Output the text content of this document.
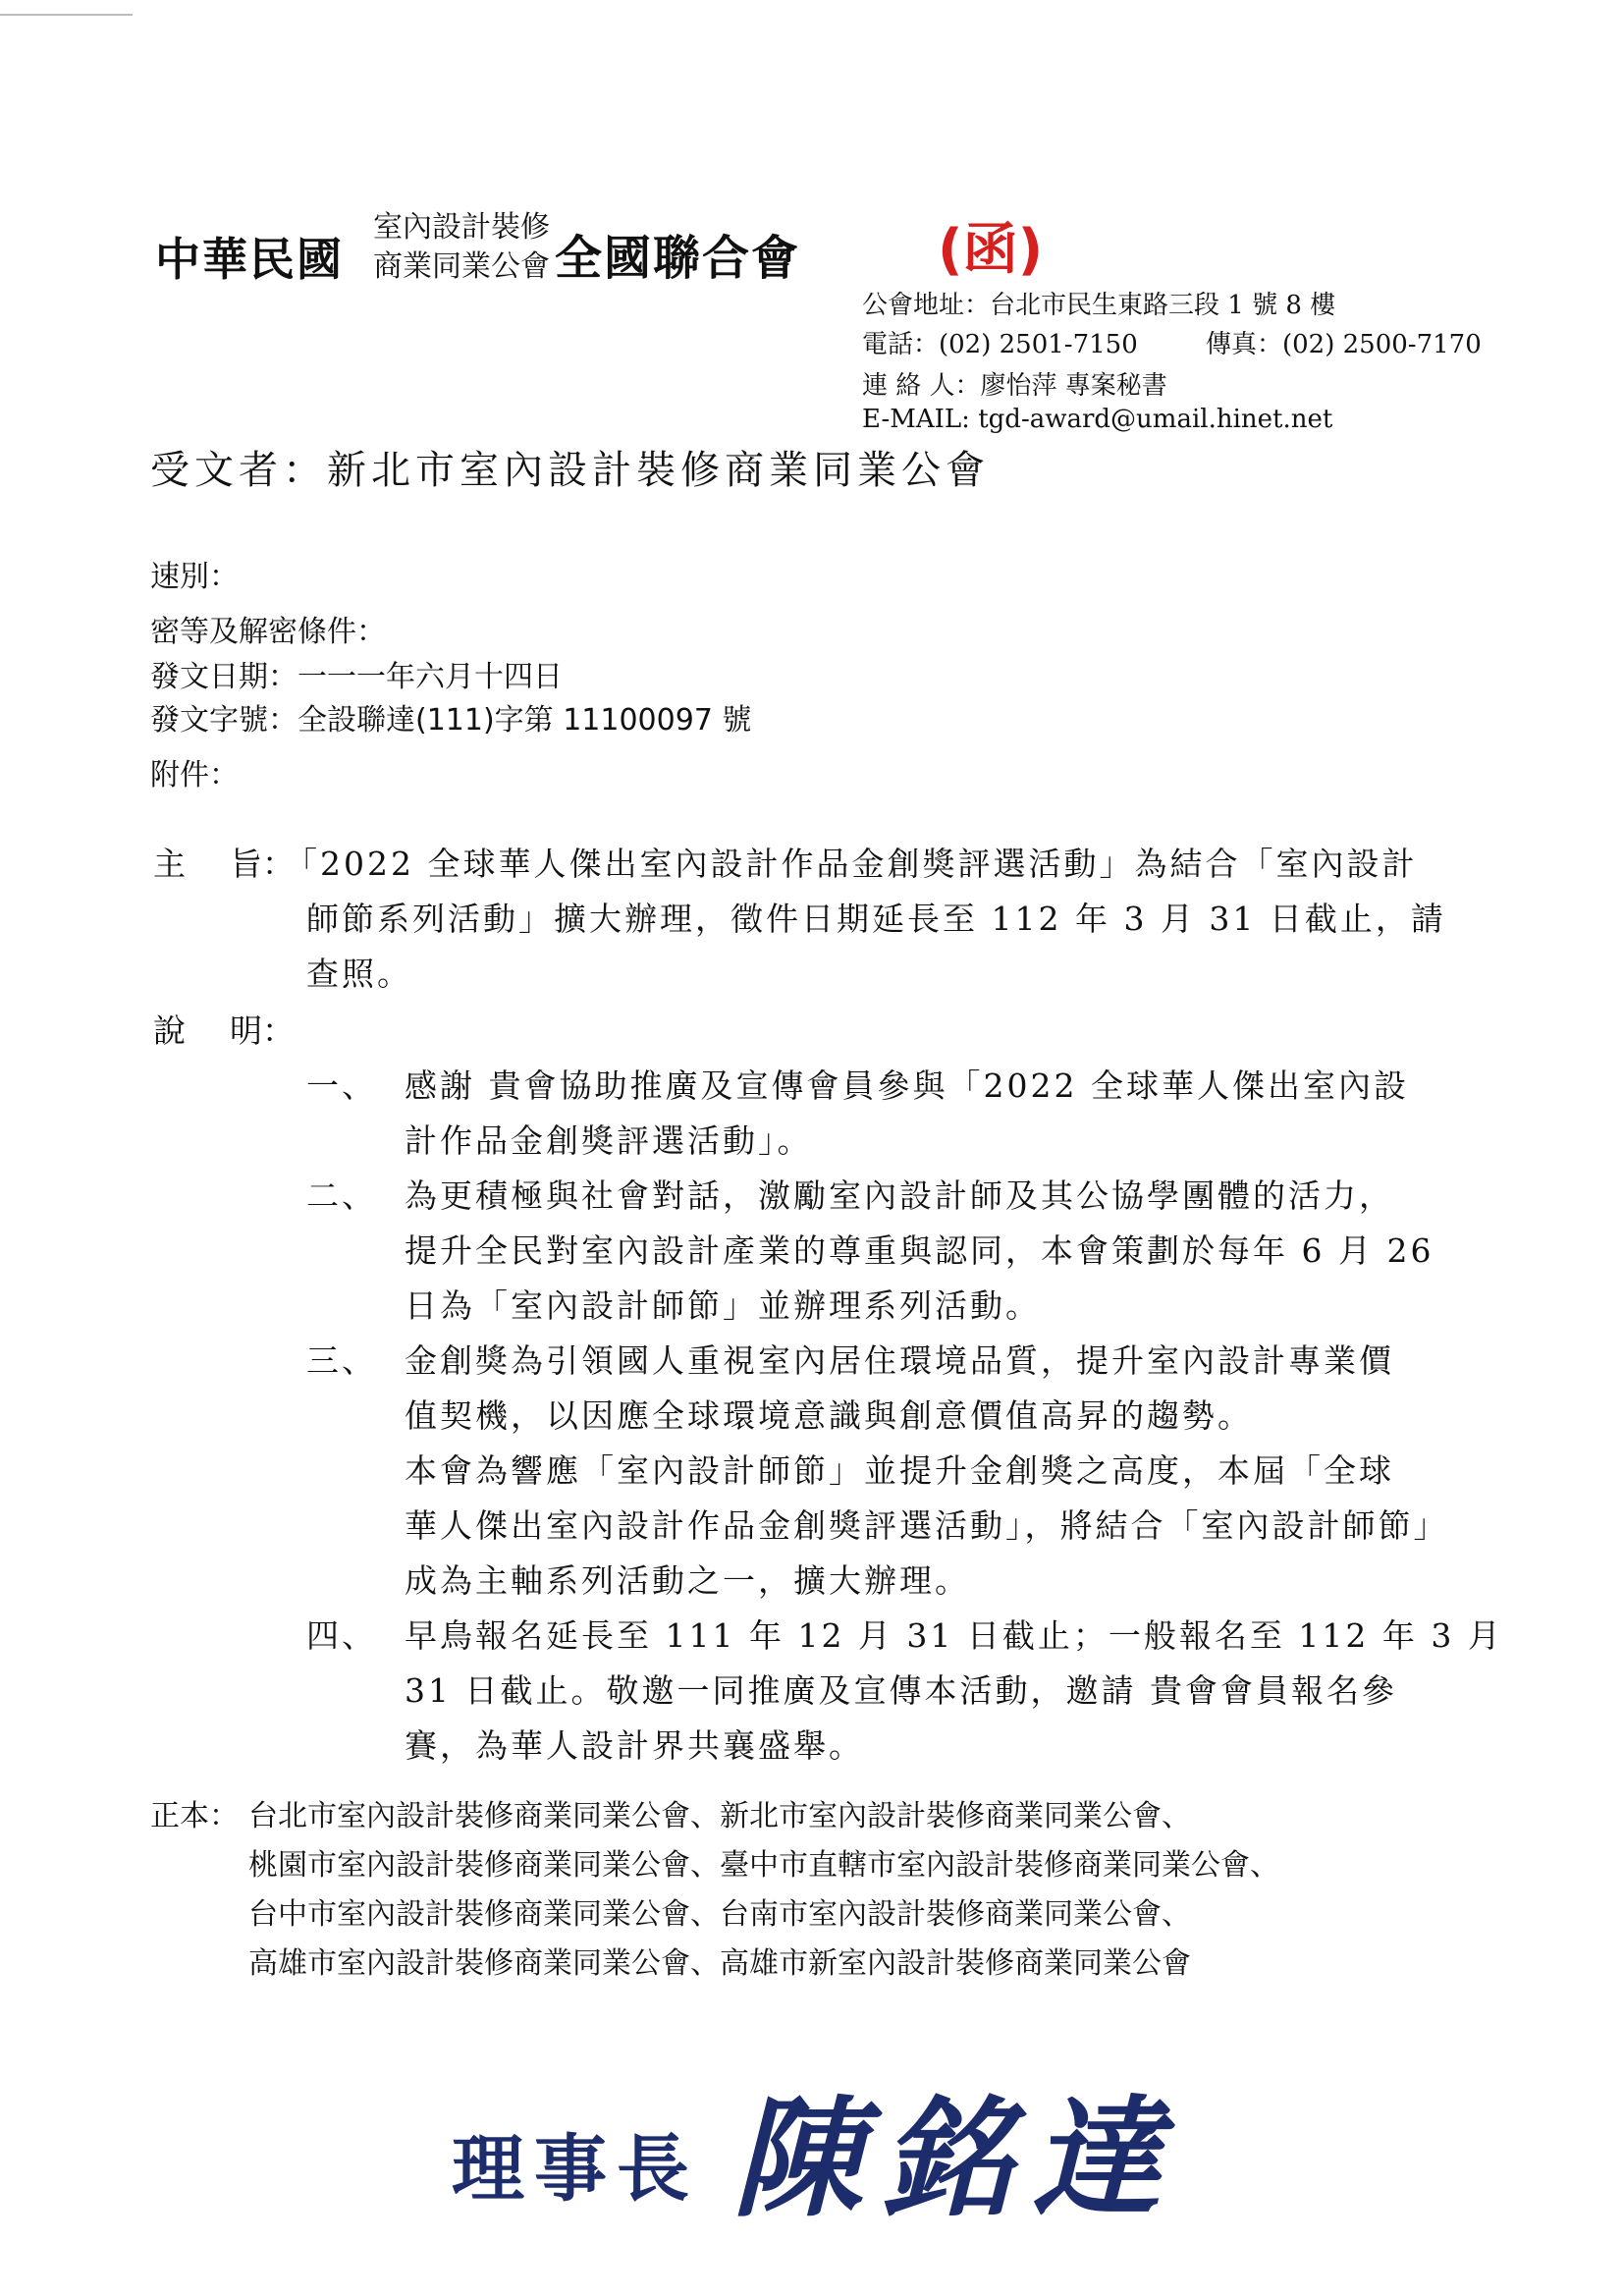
中華民國
室內設計裝修
商業同業公會 全國聯合會 (函)
公會地址：台北市民生東路三段 1 號 8 樓
電話：(02) 2501-7150	傳真：(02) 2500-7170
連 絡 人：廖怡萍 專案秘書
E-MAIL: tgd-award@umail.hinet.net
受文者：新北市室內設計裝修商業同業公會
速別：
密等及解密條件：
發文日期：一一一年六月十四日
發文字號：全設聯達(111)字第 11100097 號
附件：
主 旨：
「2022 全球華人傑出室內設計作品金創獎評選活動」為結合「室內設計
師節系列活動」擴大辦理，徵件日期延長至 112 年 3 月 31 日截止，請
查照。
說 明：
一、 感謝 貴會協助推廣及宣傳會員參與「2022 全球華人傑出室內設
計作品金創獎評選活動」。
二、 為更積極與社會對話，激勵室內設計師及其公協學團體的活力，
提升全民對室內設計產業的尊重與認同，本會策劃於每年 6 月 26
日為「室內設計師節」並辦理系列活動。
三、 金創獎為引領國人重視室內居住環境品質，提升室內設計專業價
值契機，以因應全球環境意識與創意價值高昇的趨勢。
本會為響應「室內設計師節」並提升金創獎之高度，本屆「全球
華人傑出室內設計作品金創獎評選活動」，將結合「室內設計師節」
成為主軸系列活動之一，擴大辦理。
四、 早鳥報名延長至 111 年 12 月 31 日截止；一般報名至 112 年 3 月
31 日截止。敬邀一同推廣及宣傳本活動，邀請 貴會會員報名參
賽，為華人設計界共襄盛舉。
正本： 台北市室內設計裝修商業同業公會、新北市室內設計裝修商業同業公會、
桃園市室內設計裝修商業同業公會、臺中市直轄市室內設計裝修商業同業公會、
台中市室內設計裝修商業同業公會、台南市室內設計裝修商業同業公會、
高雄市室內設計裝修商業同業公會、高雄市新室內設計裝修商業同業公會
理事長 陳銘達
